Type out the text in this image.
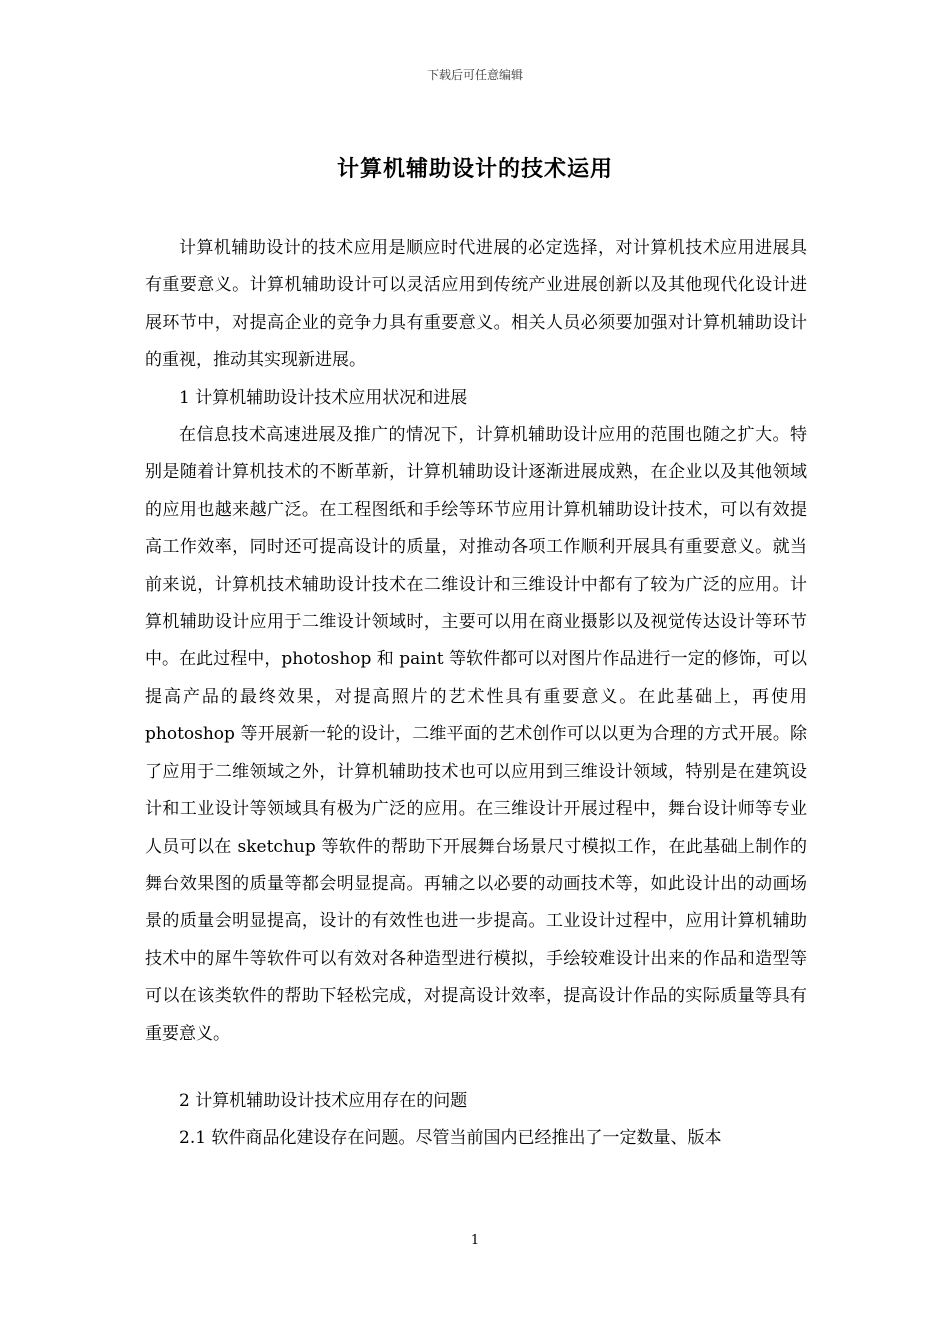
下载后可任意编辑
计算机辅助设计的技术运用

计算机辅助设计的技术应用是顺应时代进展的必定选择，对计算机技术应用进展具有重要意义。计算机辅助设计可以灵活应用到传统产业进展创新以及其他现代化设计进展环节中，对提高企业的竞争力具有重要意义。相关人员必须要加强对计算机辅助设计的重视，推动其实现新进展。

1 计算机辅助设计技术应用状况和进展

在信息技术高速进展及推广的情况下，计算机辅助设计应用的范围也随之扩大。特别是随着计算机技术的不断革新，计算机辅助设计逐渐进展成熟，在企业以及其他领域的应用也越来越广泛。在工程图纸和手绘等环节应用计算机辅助设计技术，可以有效提高工作效率，同时还可提高设计的质量，对推动各项工作顺利开展具有重要意义。就当前来说，计算机技术辅助设计技术在二维设计和三维设计中都有了较为广泛的应用。计算机辅助设计应用于二维设计领域时，主要可以用在商业摄影以及视觉传达设计等环节中。在此过程中，photoshop 和 paint 等软件都可以对图片作品进行一定的修饰，可以提高产品的最终效果，对提高照片的艺术性具有重要意义。在此基础上，再使用 photoshop 等开展新一轮的设计，二维平面的艺术创作可以以更为合理的方式开展。除了应用于二维领域之外，计算机辅助技术也可以应用到三维设计领域，特别是在建筑设计和工业设计等领域具有极为广泛的应用。在三维设计开展过程中，舞台设计师等专业人员可以在 sketchup 等软件的帮助下开展舞台场景尺寸模拟工作，在此基础上制作的舞台效果图的质量等都会明显提高。再辅之以必要的动画技术等，如此设计出的动画场景的质量会明显提高，设计的有效性也进一步提高。工业设计过程中，应用计算机辅助技术中的犀牛等软件可以有效对各种造型进行模拟，手绘较难设计出来的作品和造型等可以在该类软件的帮助下轻松完成，对提高设计效率，提高设计作品的实际质量等具有重要意义。

2 计算机辅助设计技术应用存在的问题

2.1 软件商品化建设存在问题。尽管当前国内已经推出了一定数量、版本

1
